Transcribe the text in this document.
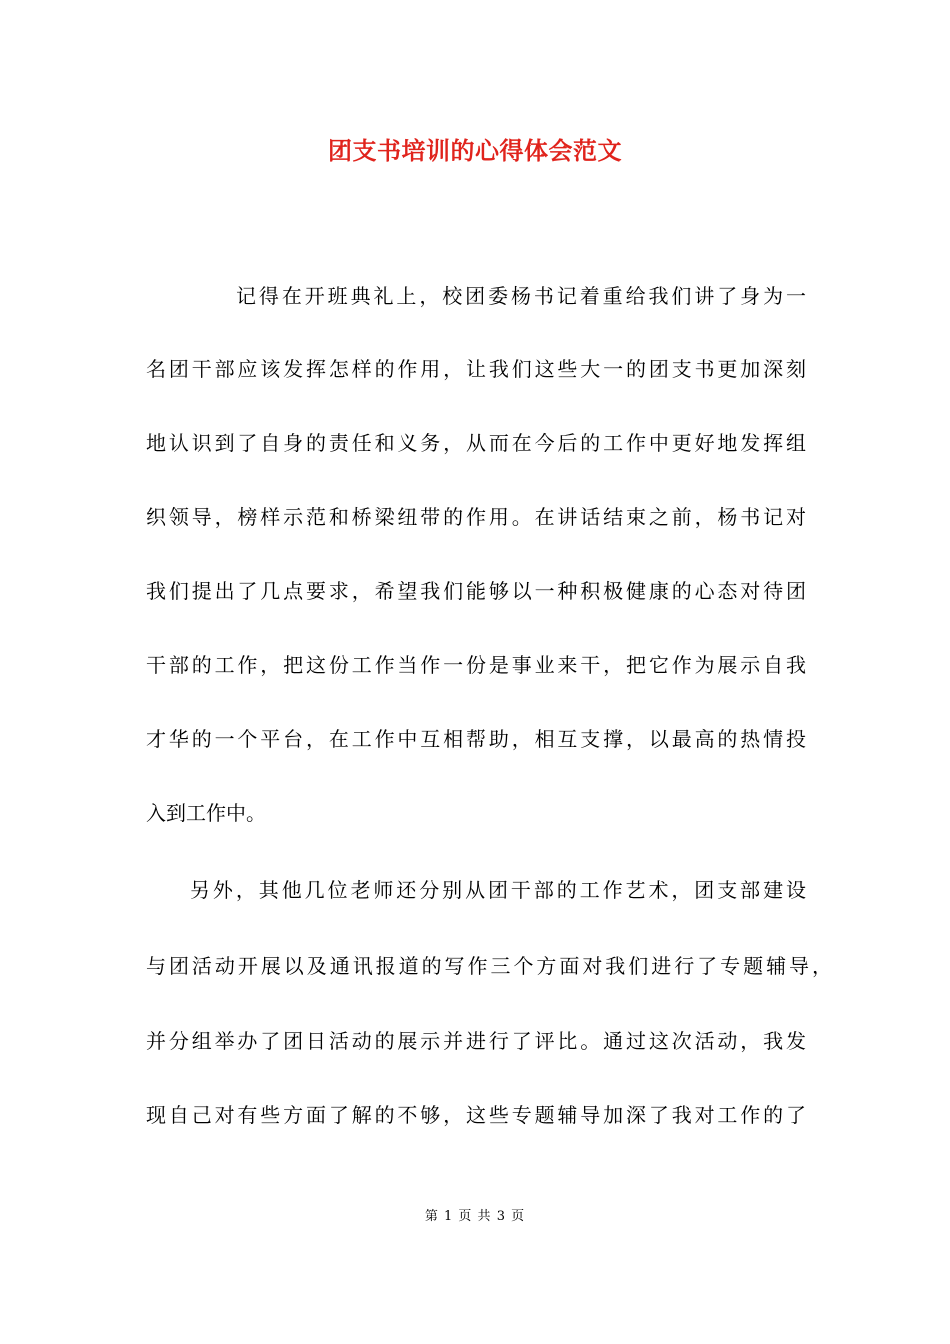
团支书培训的心得体会范文
记得在开班典礼上，校团委杨书记着重给我们讲了身为一
名团干部应该发挥怎样的作用，让我们这些大一的团支书更加深刻
地认识到了自身的责任和义务，从而在今后的工作中更好地发挥组
织领导，榜样示范和桥梁纽带的作用。在讲话结束之前，杨书记对
我们提出了几点要求，希望我们能够以一种积极健康的心态对待团
干部的工作，把这份工作当作一份是事业来干，把它作为展示自我
才华的一个平台，在工作中互相帮助，相互支撑，以最高的热情投
入到工作中。
另外，其他几位老师还分别从团干部的工作艺术，团支部建设
与团活动开展以及通讯报道的写作三个方面对我们进行了专题辅导，
并分组举办了团日活动的展示并进行了评比。通过这次活动，我发
现自己对有些方面了解的不够，这些专题辅导加深了我对工作的了
第 1 页 共 3 页
